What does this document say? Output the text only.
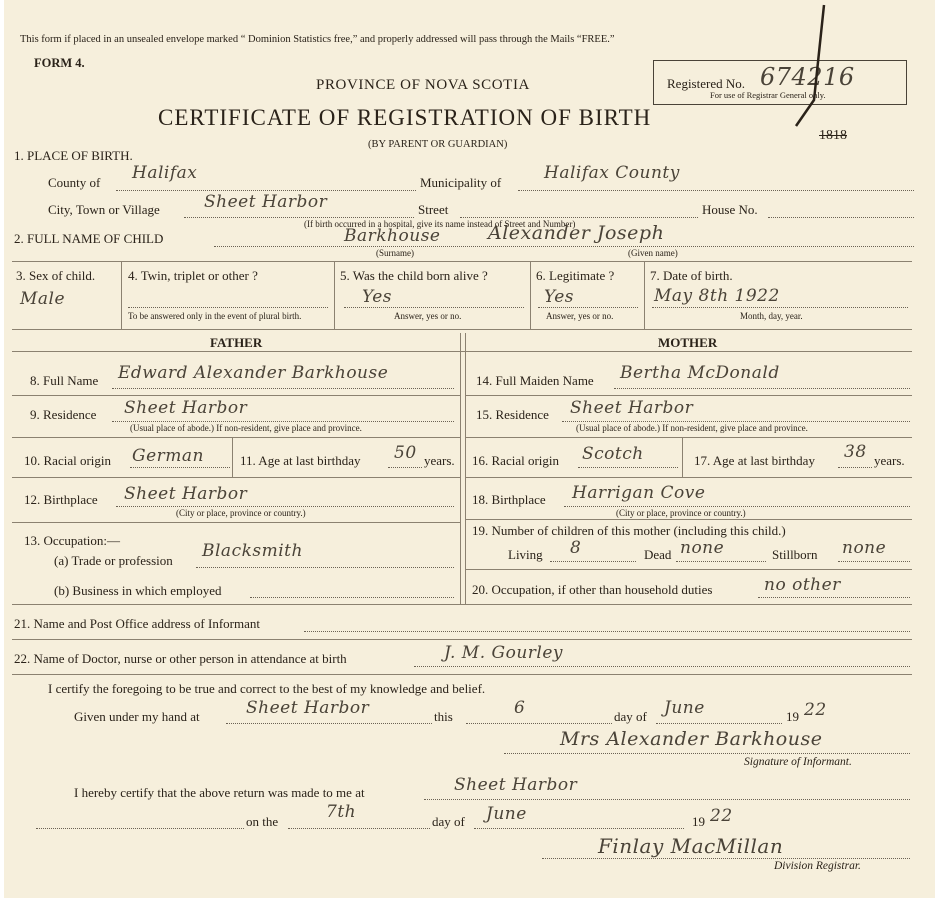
This form if placed in an unsealed envelope marked “ Dominion Statistics free,” and properly addressed will pass through the Mails “FREE.”
FORM 4.
PROVINCE OF NOVA SCOTIA
CERTIFICATE OF REGISTRATION OF BIRTH
(BY PARENT OR GUARDIAN)
Registered No. 674216
For use of Registrar General only.
1818
1. PLACE OF BIRTH.
County of Halifax	Municipality of	Halifax County
City, Town or Village	Sheet Harbor	Street	House No.
(If birth occurred in a hospital, give its name instead of Street and Number)
2. FULL NAME OF CHILD	Barkhouse	Alexander Joseph
(Surname)	(Given name)
3. Sex of child.
Male
4. Twin, triplet or other ?
To be answered only in the event of plural birth.
5. Was the child born alive ?
Yes
Answer, yes or no.
6. Legitimate ?
Yes
Answer, yes or no.
7. Date of birth.
May 8th 1922
Month, day, year.
FATHER	MOTHER
8. Full Name Edward Alexander Barkhouse
9. Residence Sheet Harbor
(Usual place of abode.) If non-resident, give place and province.
10. Racial origin German	11. Age at last birthday 50 years.
12. Birthplace Sheet Harbor
(City or place, province or country.)
13. Occupation:—
(a) Trade or profession Blacksmith
(b) Business in which employed
14. Full Maiden Name Bertha McDonald
15. Residence Sheet Harbor
(Usual place of abode.) If non-resident, give place and province.
16. Racial origin Scotch	17. Age at last birthday 38 years.
18. Birthplace Harrigan Cove
(City or place, province or country.)
19. Number of children of this mother (including this child.)
Living 8	Dead none	Stillborn none
20. Occupation, if other than household duties	no other
21. Name and Post Office address of Informant
22. Name of Doctor, nurse or other person in attendance at birth	J. M. Gourley
I certify the foregoing to be true and correct to the best of my knowledge and belief.
Given under my hand at	Sheet Harbor	this	6	day of June	19 22
Mrs Alexander Barkhouse
Signature of Informant.
I hereby certify that the above return was made to me at	Sheet Harbor
on the	7th	day of June	19 22
Finlay MacMillan
Division Registrar.
